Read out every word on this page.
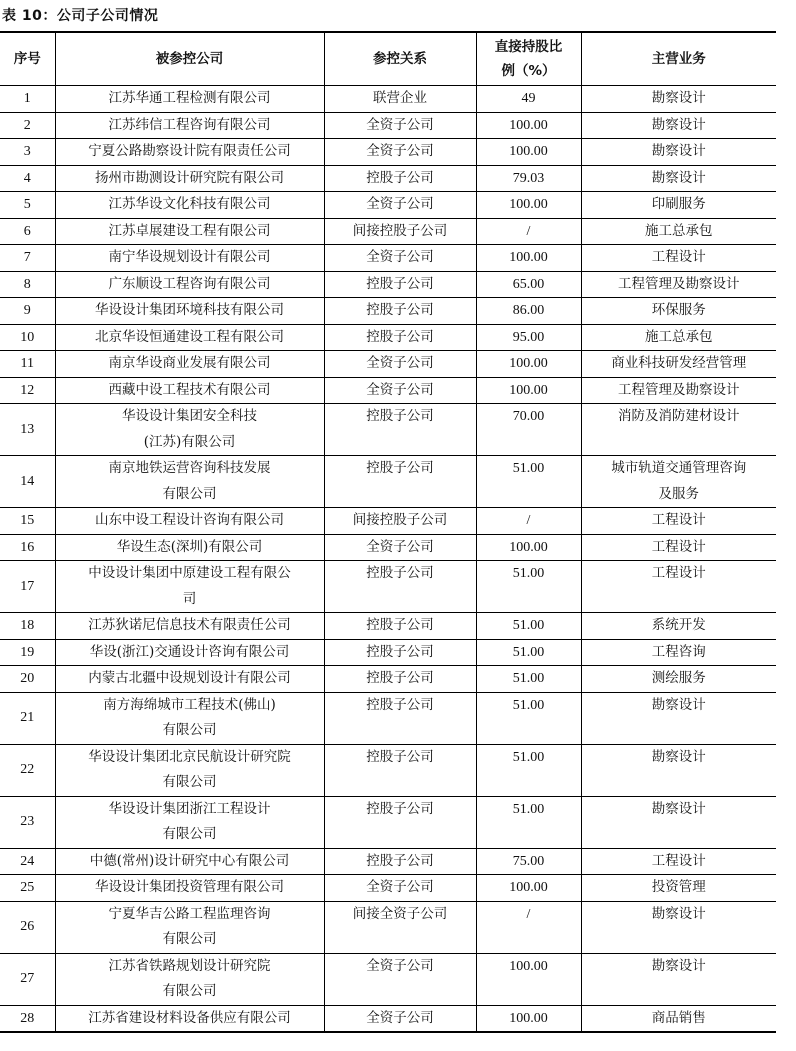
表 10：公司子公司情况
序号	被参控公司	参控关系	直接持股比
例（%）	主营业务
1	江苏华通工程检测有限公司	联营企业	49	勘察设计

2	江苏纬信工程咨询有限公司	全资子公司	100.00	勘察设计

3	宁夏公路勘察设计院有限责任公司	全资子公司	100.00	勘察设计

4	扬州市勘测设计研究院有限公司	控股子公司	79.03	勘察设计

5	江苏华设文化科技有限公司	全资子公司	100.00	印刷服务

6	江苏卓展建设工程有限公司	间接控股子公司	/	施工总承包

7	南宁华设规划设计有限公司	全资子公司	100.00	工程设计

8	广东顺设工程咨询有限公司	控股子公司	65.00	工程管理及勘察设计

9	华设设计集团环境科技有限公司	控股子公司	86.00	环保服务

10	北京华设恒通建设工程有限公司	控股子公司	95.00	施工总承包

11	南京华设商业发展有限公司	全资子公司	100.00	商业科技研发经营管理

12	西藏中设工程技术有限公司	全资子公司	100.00	工程管理及勘察设计

13	华设设计集团安全科技
(江苏)有限公司	控股子公司	70.00	消防及消防建材设计

14	南京地铁运营咨询科技发展
有限公司	控股子公司	51.00	城市轨道交通管理咨询
及服务

15	山东中设工程设计咨询有限公司	间接控股子公司	/	工程设计

16	华设生态(深圳)有限公司	全资子公司	100.00	工程设计

17	中设设计集团中原建设工程有限公
司	控股子公司	51.00	工程设计

18	江苏狄诺尼信息技术有限责任公司	控股子公司	51.00	系统开发

19	华设(浙江)交通设计咨询有限公司	控股子公司	51.00	工程咨询

20	内蒙古北疆中设规划设计有限公司	控股子公司	51.00	测绘服务

21	南方海绵城市工程技术(佛山)
有限公司	控股子公司	51.00	勘察设计

22	华设设计集团北京民航设计研究院
有限公司	控股子公司	51.00	勘察设计

23	华设设计集团浙江工程设计
有限公司	控股子公司	51.00	勘察设计

24	中德(常州)设计研究中心有限公司	控股子公司	75.00	工程设计

25	华设设计集团投资管理有限公司	全资子公司	100.00	投资管理

26	宁夏华吉公路工程监理咨询
有限公司	间接全资子公司	/	勘察设计

27	江苏省铁路规划设计研究院
有限公司	全资子公司	100.00	勘察设计

28	江苏省建设材料设备供应有限公司	全资子公司	100.00	商品销售
